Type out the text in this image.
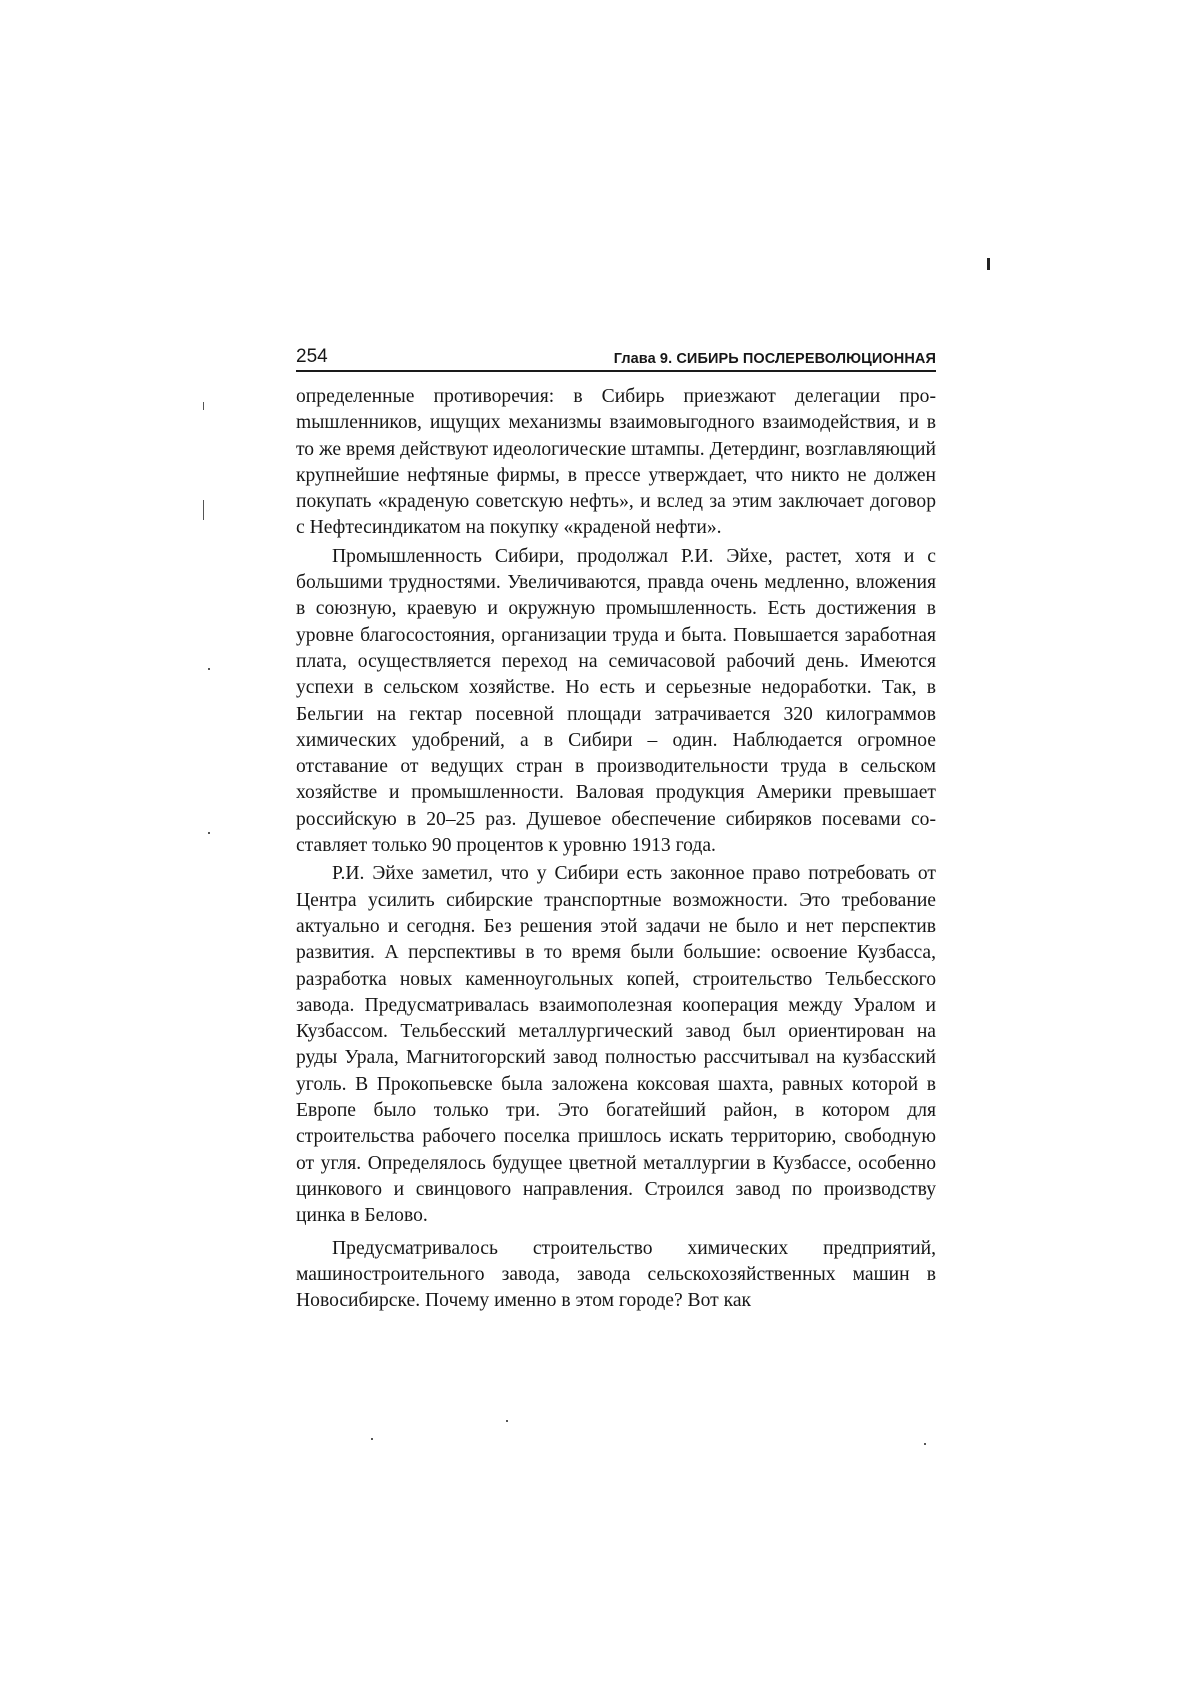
254	Глава 9. СИБИРЬ ПОСЛЕРЕВОЛЮЦИОННАЯ

определенные противоречия: в Сибирь приезжают делегации проmышленников, ищущих механизмы взаимовыгодного взаимодействия, и в то же время действуют идеологические штампы. Детердинг, возглавляющий крупнейшие нефтяные фирмы, в прессе утверждает, что никто не должен покупать «краденую советскую нефть», и вслед за этим заключает договор с Нефтесиндикатом на покупку «краденой нефти».

Промышленность Сибири, продолжал Р.И. Эйхе, растет, хотя и с большими трудностями. Увеличиваются, правда очень медленно, вложения в союзную, краевую и окружную промышленность. Есть достижения в уровне благосостояния, организации труда и быта. Повышается заработная плата, осуществляется переход на семичасовой рабочий день. Имеются успехи в сельском хозяйстве. Но есть и серьезные недоработки. Так, в Бельгии на гектар посевной площади затрачивается 320 килограммов химических удобрений, а в Сибири – один. Наблюдается огромное отставание от ведущих стран в производительности труда в сельском хозяйстве и промышленности. Валовая продукция Америки превышает российскую в 20–25 раз. Душевое обеспечение сибиряков посевами составляет только 90 процентов к уровню 1913 года.

Р.И. Эйхе заметил, что у Сибири есть законное право потребовать от Центра усилить сибирские транспортные возможности. Это требование актуально и сегодня. Без решения этой задачи не было и нет перспектив развития. А перспективы в то время были большие: освоение Кузбасса, разработка новых каменноугольных копей, строительство Тельбесского завода. Предусматривалась взаимополезная кооперация между Уралом и Кузбассом. Тельбесский металлургический завод был ориентирован на руды Урала, Магнитогорский завод полностью рассчитывал на кузбасский уголь. В Прокопьевске была заложена коксовая шахта, равных которой в Европе было только три. Это богатейший район, в котором для строительства рабочего поселка пришлось искать территорию, свободную от угля. Определялось будущее цветной металлургии в Кузбассе, особенно цинкового и свинцового направления. Строился завод по производству цинка в Белово.

Предусматривалось строительство химических предприятий, машиностроительного завода, завода сельскохозяйственных машин в Новосибирске. Почему именно в этом городе? Вот как
